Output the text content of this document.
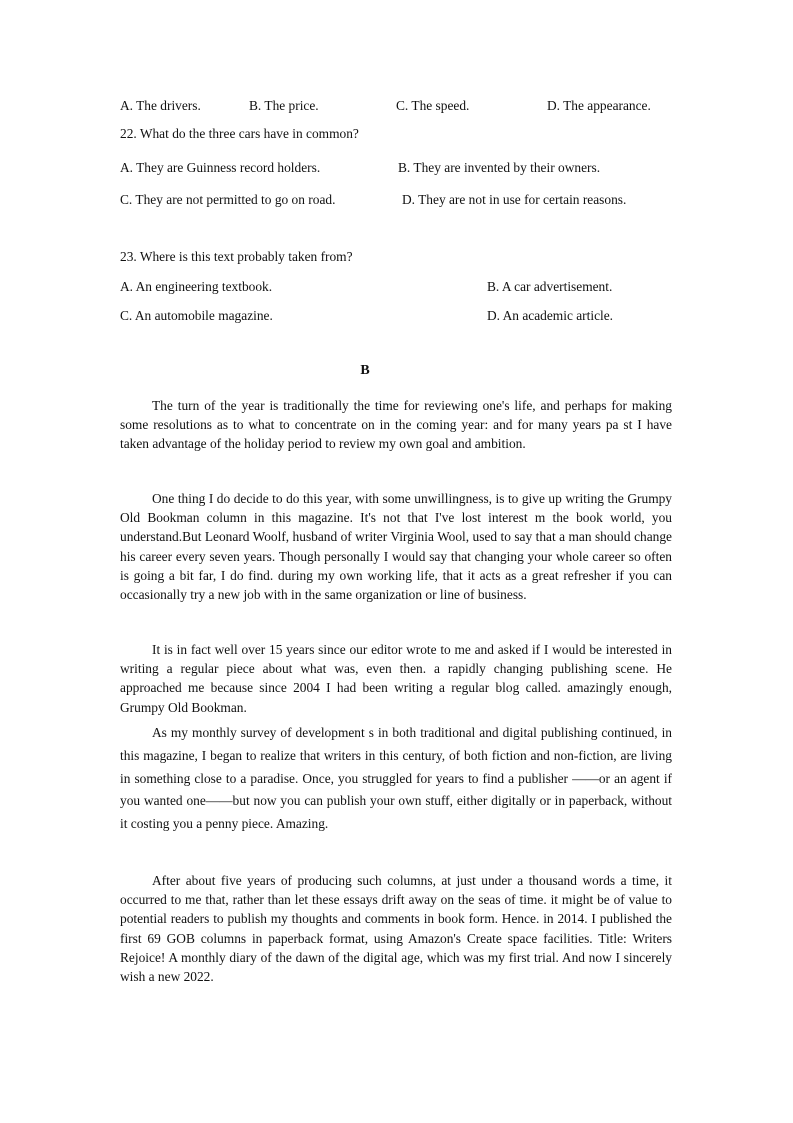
A. The drivers.	B. The price.	C. The speed.	D. The appearance.
22. What do the three cars have in common?
A. They are Guinness record holders.	B. They are invented by their owners.
C. They are not permitted to go on road.	D. They are not in use for certain reasons.
23. Where is this text probably taken from?
A. An engineering textbook.	B. A car advertisement.
C. An automobile magazine.	D. An academic article.
B

The turn of the year is traditionally the time for reviewing one's life, and perhaps for making some resolutions as to what to concentrate on in the coming year: and for many years pa st I have taken advantage of the holiday period to review my own goal and ambition.

One thing I do decide to do this year, with some unwillingness, is to give up writing the Grumpy Old Bookman column in this magazine. It's not that I've lost interest m the book world, you understand.But Leonard Woolf, husband of writer Virginia Wool, used to say that a man should change his career every seven years. Though personally I would say that changing your whole career so often is going a bit far, I do find. during my own working life, that it acts as a great refresher if you can occasionally try a new job with in the same organization or line of business.

It is in fact well over 15 years since our editor wrote to me and asked if I would be interested in writing a regular piece about what was, even then. a rapidly changing publishing scene. He approached me because since 2004 I had been writing a regular blog called. amazingly enough, Grumpy Old Bookman.

As my monthly survey of development s in both traditional and digital publishing continued, in this magazine, I began to realize that writers in this century, of both fiction and non-fiction, are living in something close to a paradise. Once, you struggled for years to find a publisher ——or an agent if you wanted one——but now you can publish your own stuff, either digitally or in paperback, without it costing you a penny piece. Amazing.

After about five years of producing such columns, at just under a thousand words a time, it occurred to me that, rather than let these essays drift away on the seas of time. it might be of value to potential readers to publish my thoughts and comments in book form. Hence. in 2014. I published the first 69 GOB columns in paperback format, using Amazon's Create space facilities. Title: Writers Rejoice! A monthly diary of the dawn of the digital age, which was my first trial. And now I sincerely wish a new 2022.
